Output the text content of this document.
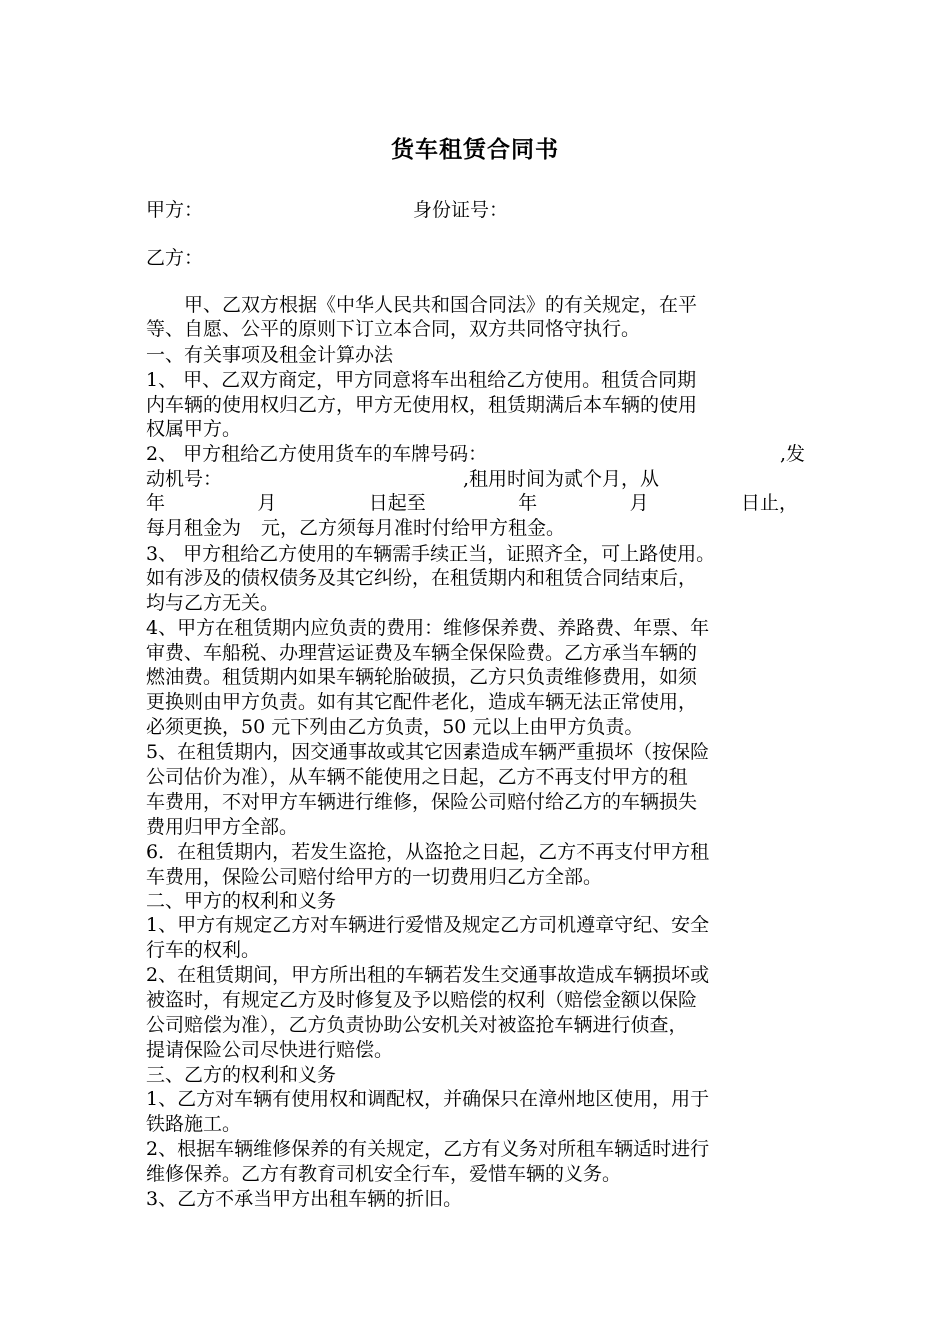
货车租赁合同书
甲方：	身份证号：
乙方：
　　甲、乙双方根据《中华人民共和国合同法》的有关规定，在平
等、自愿、公平的原则下订立本合同，双方共同恪守执行。
一、有关事项及租金计算办法
1、 甲、乙双方商定，甲方同意将车出租给乙方使用。租赁合同期
内车辆的使用权归乙方，甲方无使用权，租赁期满后本车辆的使用
权属甲方。
2、 甲方租给乙方使用货车的车牌号码：	,发
动机号：	,租用时间为贰个月，从
年	月	日起至	年	月	日止，
每月租金为 元，乙方须每月准时付给甲方租金。
3、 甲方租给乙方使用的车辆需手续正当，证照齐全，可上路使用。
如有涉及的债权债务及其它纠纷，在租赁期内和租赁合同结束后，
均与乙方无关。
4、甲方在租赁期内应负责的费用：维修保养费、养路费、年票、年
审费、车船税、办理营运证费及车辆全保保险费。乙方承当车辆的
燃油费。租赁期内如果车辆轮胎破损，乙方只负责维修费用，如须
更换则由甲方负责。如有其它配件老化，造成车辆无法正常使用，
必须更换，50 元下列由乙方负责，50 元以上由甲方负责。
5、在租赁期内，因交通事故或其它因素造成车辆严重损坏（按保险
公司估价为准），从车辆不能使用之日起，乙方不再支付甲方的租
车费用，不对甲方车辆进行维修，保险公司赔付给乙方的车辆损失
费用归甲方全部。
6．在租赁期内，若发生盗抢，从盗抢之日起，乙方不再支付甲方租
车费用，保险公司赔付给甲方的一切费用归乙方全部。
二、甲方的权利和义务
1、甲方有规定乙方对车辆进行爱惜及规定乙方司机遵章守纪、安全
行车的权利。
2、在租赁期间，甲方所出租的车辆若发生交通事故造成车辆损坏或
被盗时，有规定乙方及时修复及予以赔偿的权利（赔偿金额以保险
公司赔偿为准），乙方负责协助公安机关对被盗抢车辆进行侦查，
提请保险公司尽快进行赔偿。
三、乙方的权利和义务
1、乙方对车辆有使用权和调配权，并确保只在漳州地区使用，用于
铁路施工。
2、根据车辆维修保养的有关规定，乙方有义务对所租车辆适时进行
维修保养。乙方有教育司机安全行车，爱惜车辆的义务。
3、乙方不承当甲方出租车辆的折旧。
